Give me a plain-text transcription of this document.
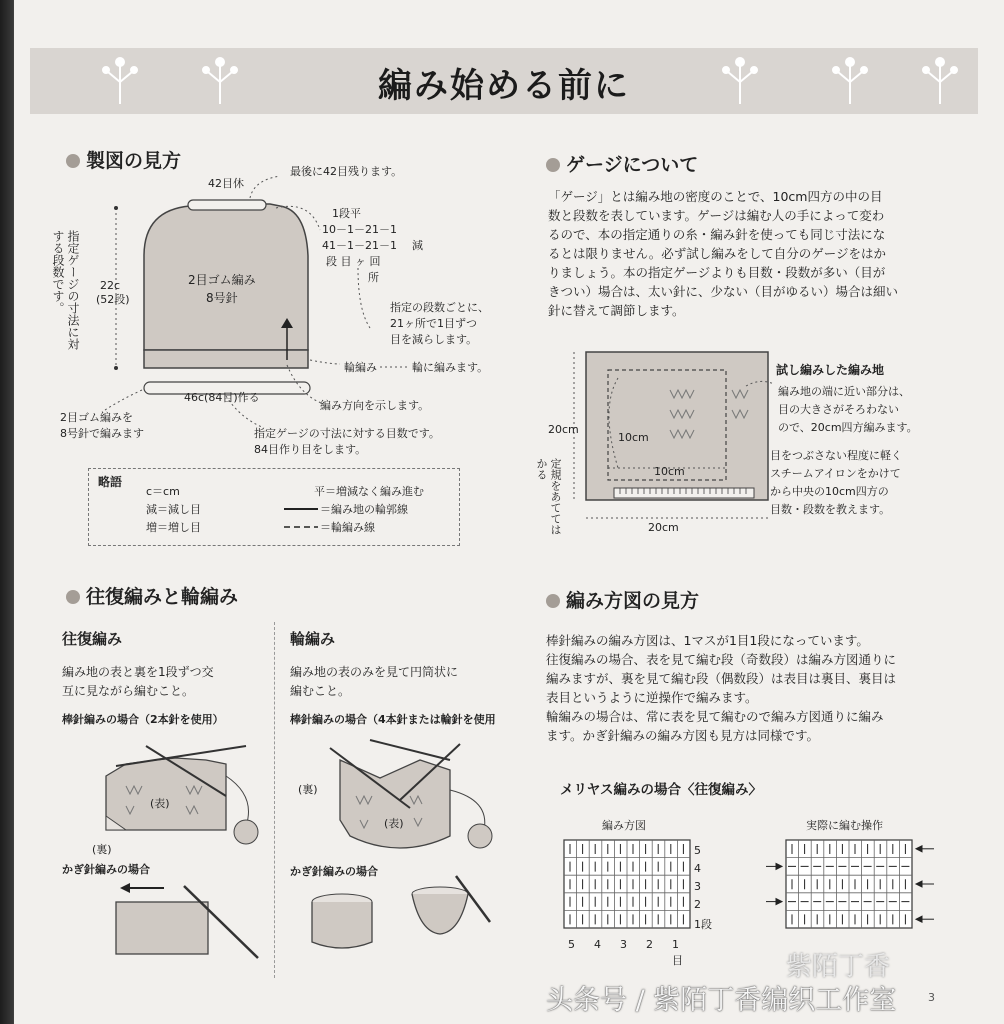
編み始める前に
製図の見方
42目休
最後に42目残ります。
指定ゲージの寸法に対する段数です。	22c
(52段)
2目ゴム編み
8号針
1段平
10－1－21－1
41－1－21－1
段 目 ヶ 回
所
減
指定の段数ごとに、
21ヶ所で1目ずつ
目を減らします。
輪編み	輪に編みます。
46c(84目)作る
編み方向を示します。
2目ゴム編みを
8号針で編みます	指定ゲージの寸法に対する目数です。
84目作り目をします。
略語
c＝cm
減＝減し目
増＝増し目
平＝増減なく編み進む
＝編み地の輪郭線
＝輪編み線
ゲージについて
「ゲージ」とは編み地の密度のことで、10cm四方の中の目
数と段数を表しています。ゲージは編む人の手によって変わ
るので、本の指定通りの糸・編み針を使っても同じ寸法にな
るとは限りません。必ず試し編みをして自分のゲージをはか
りましょう。本の指定ゲージよりも目数・段数が多い（目が
きつい）場合は、太い針に、少ない（目がゆるい）場合は細い
針に替えて調節します。
20cm
10cm
10cm
20cm
定規をあててはかる
試し編みした編み地
編み地の端に近い部分は、
目の大きさがそろわない
ので、20cm四方編みます。
目をつぶさない程度に軽く
スチームアイロンをかけて
から中央の10cm四方の
目数・段数を教えます。
往復編みと輪編み
往復編み
編み地の表と裏を1段ずつ交
互に見ながら編むこと。
棒針編みの場合（2本針を使用）
(表)
(裏)
かぎ針編みの場合
輪編み
編み地の表のみを見て円筒状に
編むこと。
棒針編みの場合（4本針または輪針を使用
(裏)
(表)
かぎ針編みの場合
編み方図の見方
棒針編みの編み方図は、1マスが1目1段になっています。
往復編みの場合、表を見て編む段（奇数段）は編み方図通りに
編みますが、裏を見て編む段（偶数段）は表目は裏目、裏目は
表目というように逆操作で編みます。
輪編みの場合は、常に表を見て編むので編み方図通りに編み
ます。かぎ針編みの編み方図も見方は同様です。
メリヤス編みの場合〈往復編み〉
編み方図	実際に編む操作
5
4
3
2
1段
5 4 3 2 1
目	紫陌丁香
头条号 / 紫陌丁香编织工作室	3
